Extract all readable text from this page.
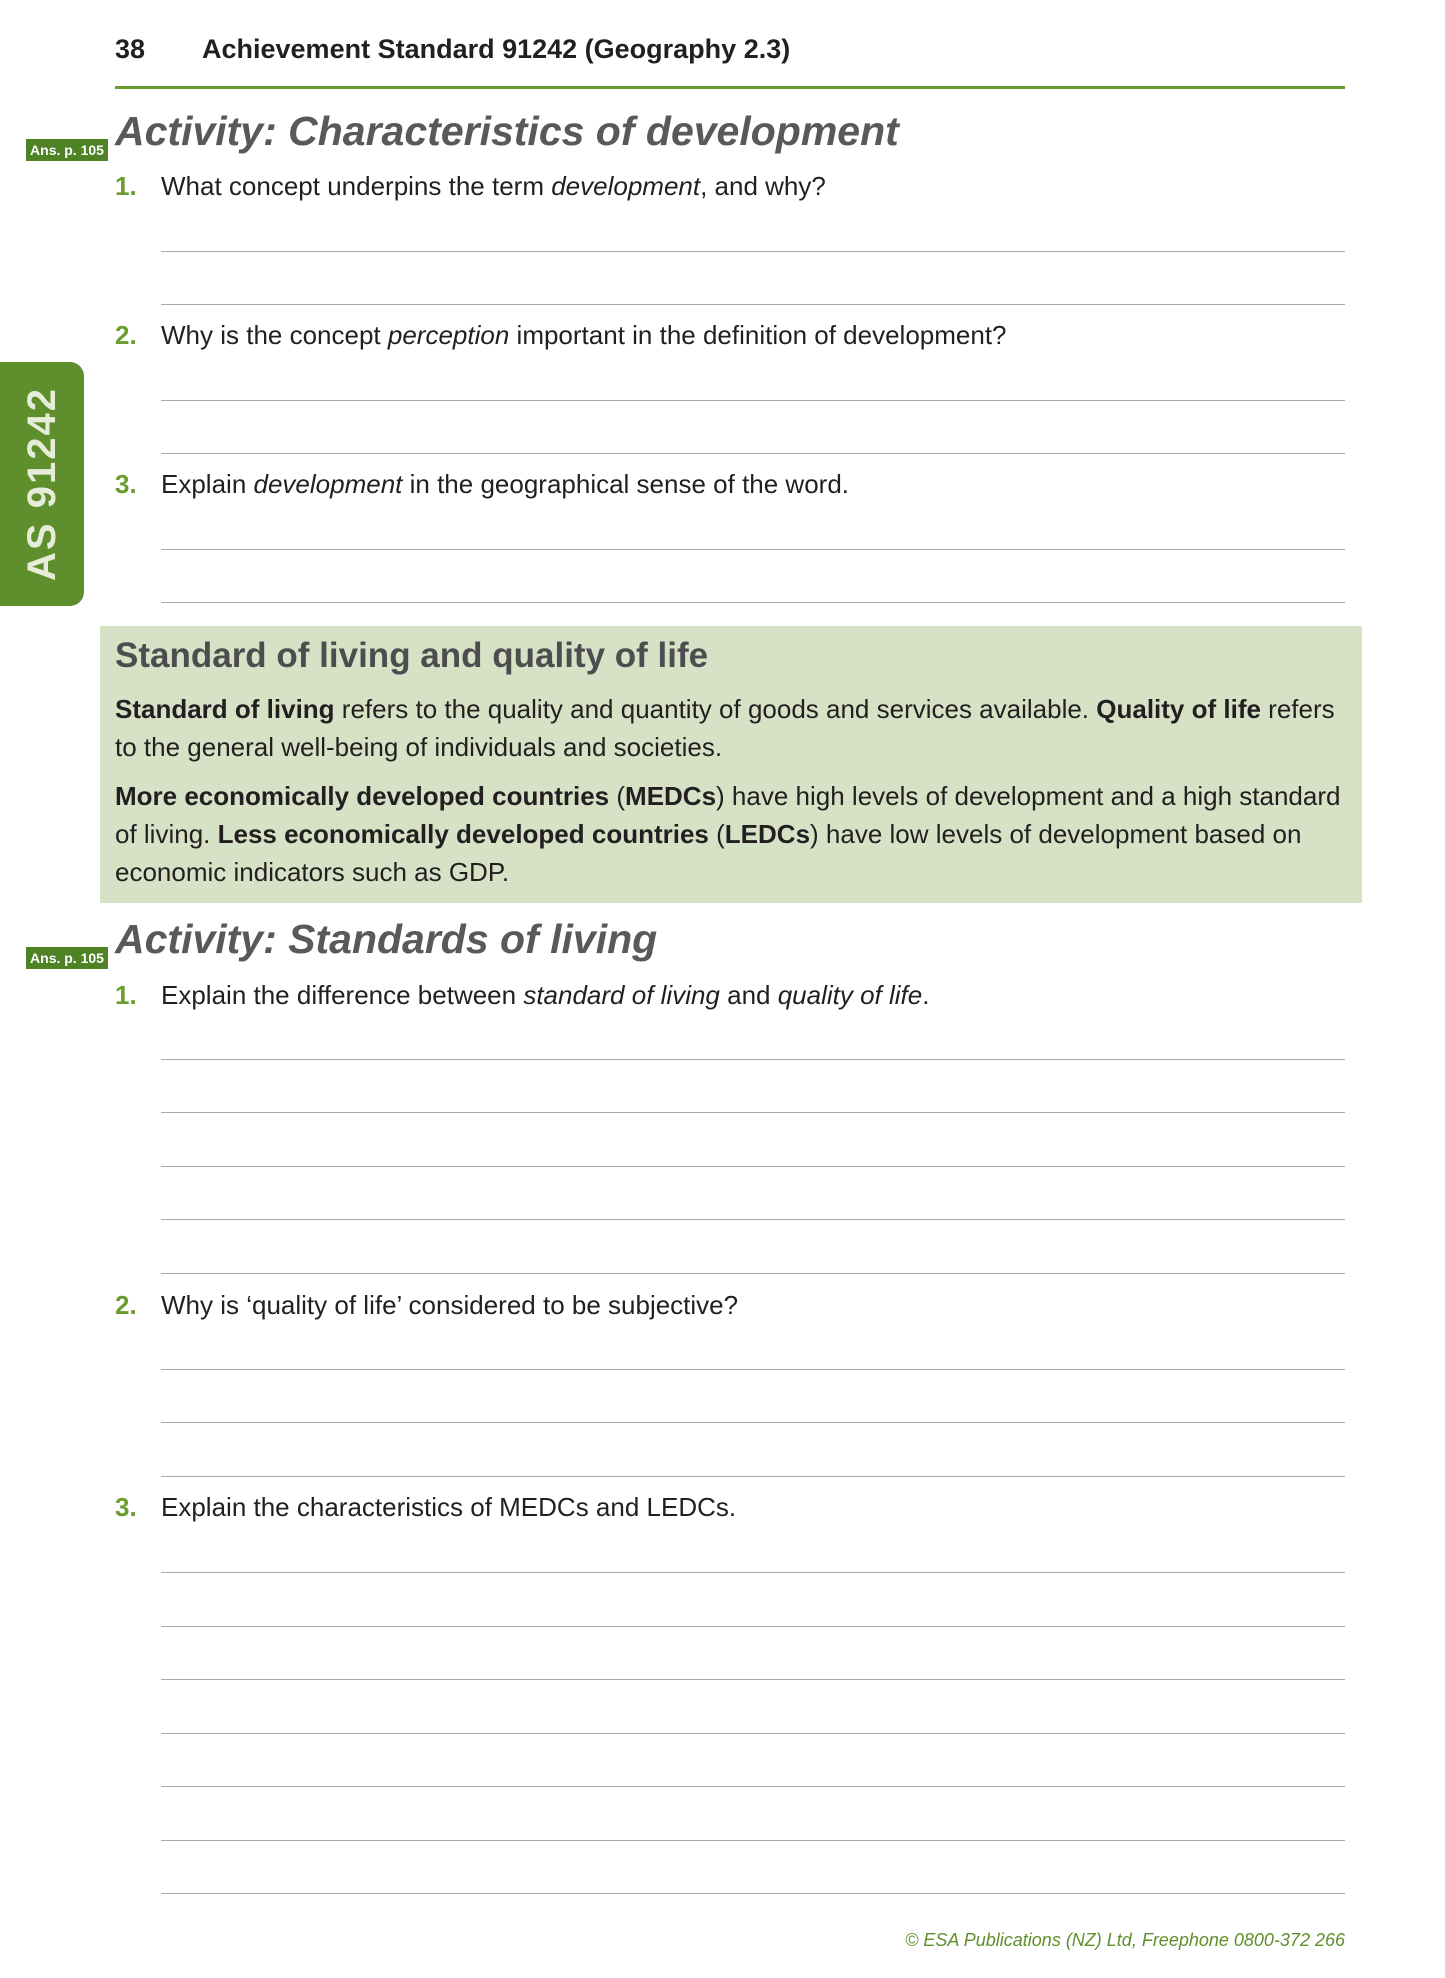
38 Achievement Standard 91242 (Geography 2.3)
AS 91242
Ans. p. 105 Activity: Characteristics of development
1. What concept underpins the term development, and why?
2. Why is the concept perception important in the definition of development?
3. Explain development in the geographical sense of the word.
Standard of living and quality of life
Standard of living refers to the quality and quantity of goods and services available. Quality of life refers to the general well-being of individuals and societies.
More economically developed countries (MEDCs) have high levels of development and a high standard of living. Less economically developed countries (LEDCs) have low levels of development based on economic indicators such as GDP.
Ans. p. 105 Activity: Standards of living
1. Explain the difference between standard of living and quality of life.
2. Why is ‘quality of life’ considered to be subjective?
3. Explain the characteristics of MEDCs and LEDCs.
© ESA Publications (NZ) Ltd, Freephone 0800-372 266
